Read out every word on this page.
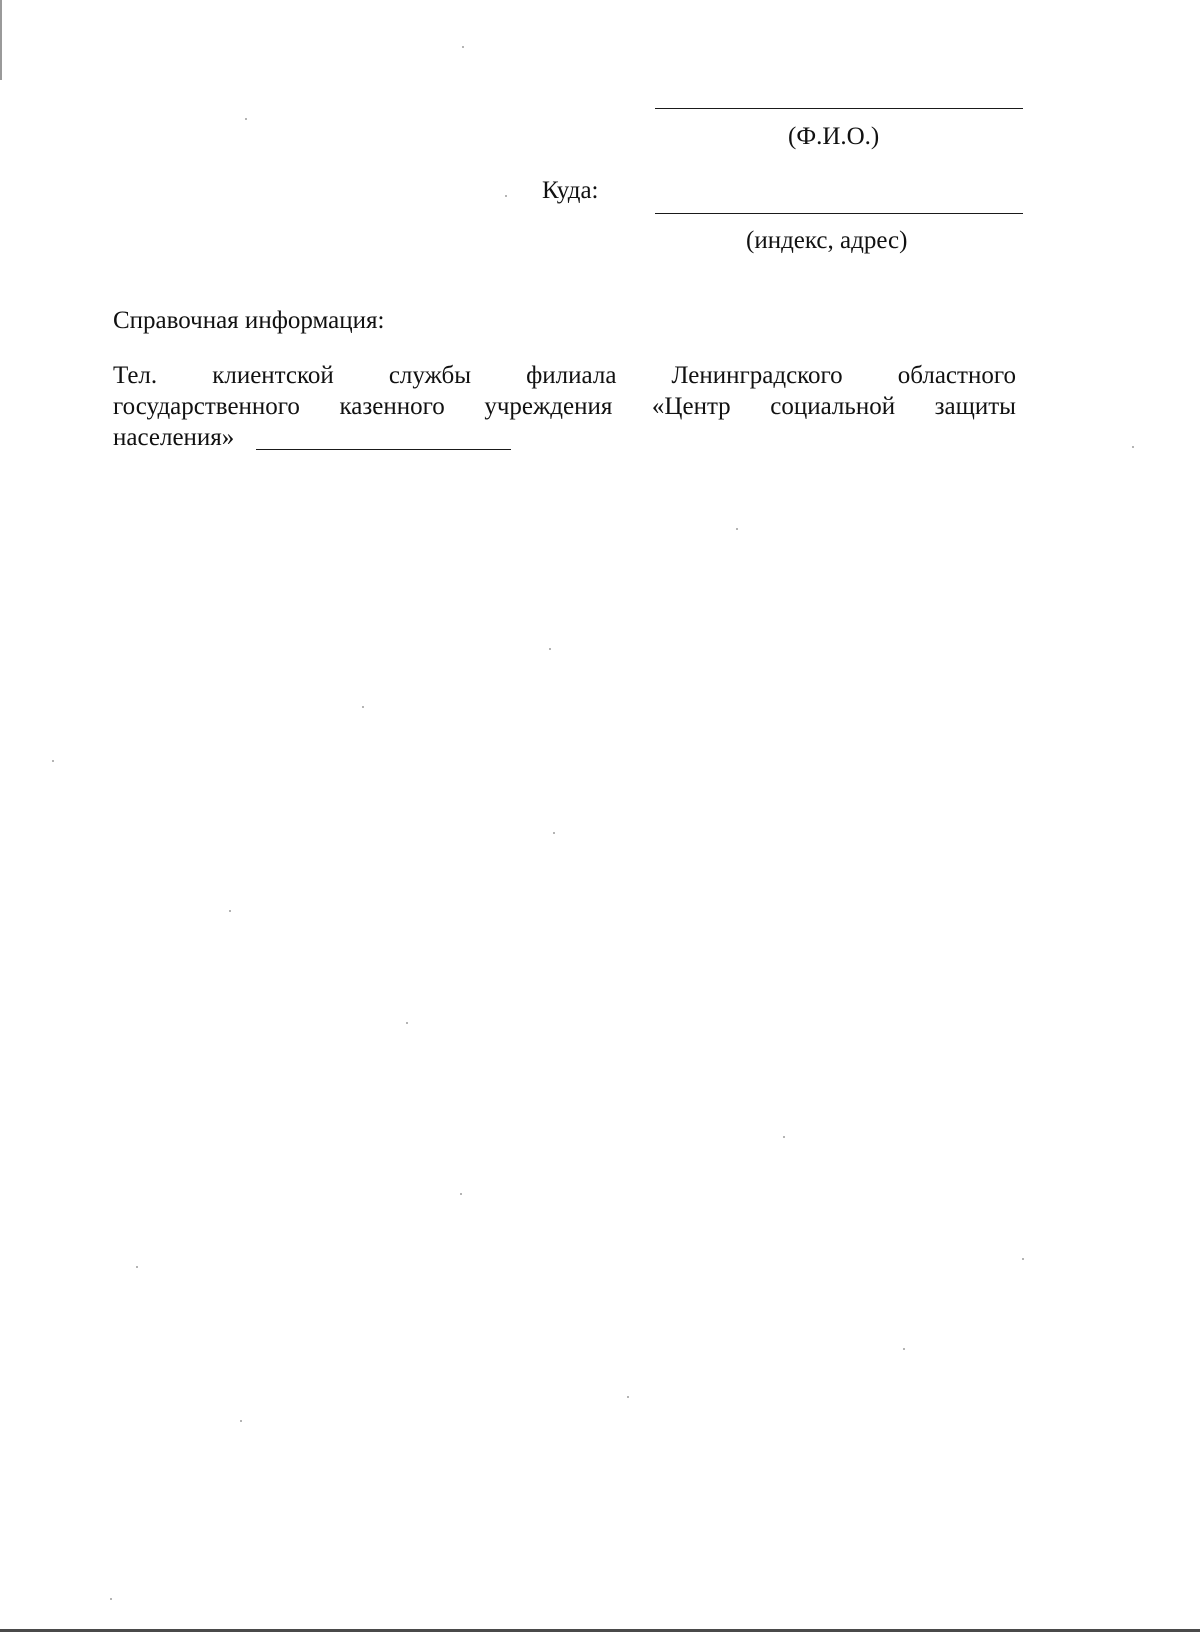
(Ф.И.О.)
Куда:
(индекс, адрес)
Справочная информация:
Тел. клиентской службы филиала Ленинградского областного
государственного казенного учреждения «Центр социальной защиты
населения»
